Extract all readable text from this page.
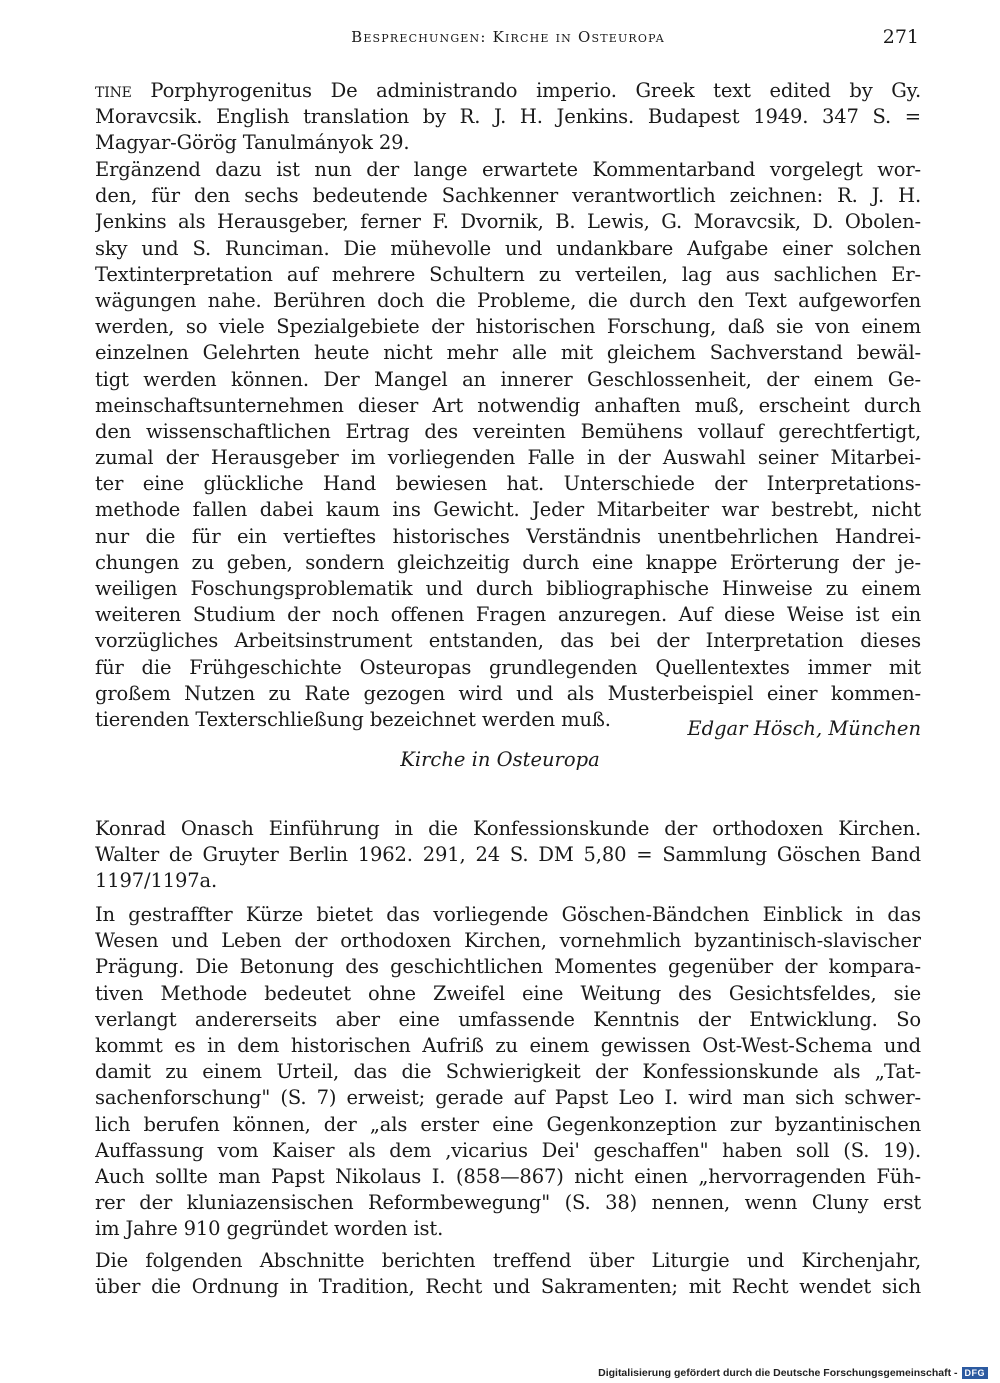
Besprechungen: Kirche in Osteuropa	271
tine Porphyrogenitus De administrando imperio. Greek text edited by Gy.
Moravcsik. English translation by R. J. H. Jenkins. Budapest 1949. 347 S. =
Magyar-Görög Tanulmányok 29.
Ergänzend dazu ist nun der lange erwartete Kommentarband vorgelegt wor-
den, für den sechs bedeutende Sachkenner verantwortlich zeichnen: R. J. H.
Jenkins als Herausgeber, ferner F. Dvornik, B. Lewis, G. Moravcsik, D. Obolen-
sky und S. Runciman. Die mühevolle und undankbare Aufgabe einer solchen
Textinterpretation auf mehrere Schultern zu verteilen, lag aus sachlichen Er-
wägungen nahe. Berühren doch die Probleme, die durch den Text aufgeworfen
werden, so viele Spezialgebiete der historischen Forschung, daß sie von einem
einzelnen Gelehrten heute nicht mehr alle mit gleichem Sachverstand bewäl-
tigt werden können. Der Mangel an innerer Geschlossenheit, der einem Ge-
meinschaftsunternehmen dieser Art notwendig anhaften muß, erscheint durch
den wissenschaftlichen Ertrag des vereinten Bemühens vollauf gerechtfertigt,
zumal der Herausgeber im vorliegenden Falle in der Auswahl seiner Mitarbei-
ter eine glückliche Hand bewiesen hat. Unterschiede der Interpretations-
methode fallen dabei kaum ins Gewicht. Jeder Mitarbeiter war bestrebt, nicht
nur die für ein vertieftes historisches Verständnis unentbehrlichen Handrei-
chungen zu geben, sondern gleichzeitig durch eine knappe Erörterung der je-
weiligen Foschungsproblematik und durch bibliographische Hinweise zu einem
weiteren Studium der noch offenen Fragen anzuregen. Auf diese Weise ist ein
vorzügliches Arbeitsinstrument entstanden, das bei der Interpretation dieses
für die Frühgeschichte Osteuropas grundlegenden Quellentextes immer mit
großem Nutzen zu Rate gezogen wird und als Musterbeispiel einer kommen-
tierenden Texterschließung bezeichnet werden muß.	Edgar Hösch, München
Kirche in Osteuropa
Konrad Onasch Einführung in die Konfessionskunde der orthodoxen Kirchen.
Walter de Gruyter Berlin 1962. 291, 24 S. DM 5,80 = Sammlung Göschen Band
1197/1197a.
In gestraffter Kürze bietet das vorliegende Göschen-Bändchen Einblick in das
Wesen und Leben der orthodoxen Kirchen, vornehmlich byzantinisch-slavischer
Prägung. Die Betonung des geschichtlichen Momentes gegenüber der kompara-
tiven Methode bedeutet ohne Zweifel eine Weitung des Gesichtsfeldes, sie
verlangt andererseits aber eine umfassende Kenntnis der Entwicklung. So
kommt es in dem historischen Aufriß zu einem gewissen Ost-West-Schema und
damit zu einem Urteil, das die Schwierigkeit der Konfessionskunde als „Tat-
sachenforschung" (S. 7) erweist; gerade auf Papst Leo I. wird man sich schwer-
lich berufen können, der „als erster eine Gegenkonzeption zur byzantinischen
Auffassung vom Kaiser als dem ‚vicarius Dei' geschaffen" haben soll (S. 19).
Auch sollte man Papst Nikolaus I. (858—867) nicht einen „hervorragenden Füh-
rer der kluniazensischen Reformbewegung" (S. 38) nennen, wenn Cluny erst
im Jahre 910 gegründet worden ist.
Die folgenden Abschnitte berichten treffend über Liturgie und Kirchenjahr,
über die Ordnung in Tradition, Recht und Sakramenten; mit Recht wendet sich
Digitalisierung gefördert durch die Deutsche Forschungsgemeinschaft - DFG
